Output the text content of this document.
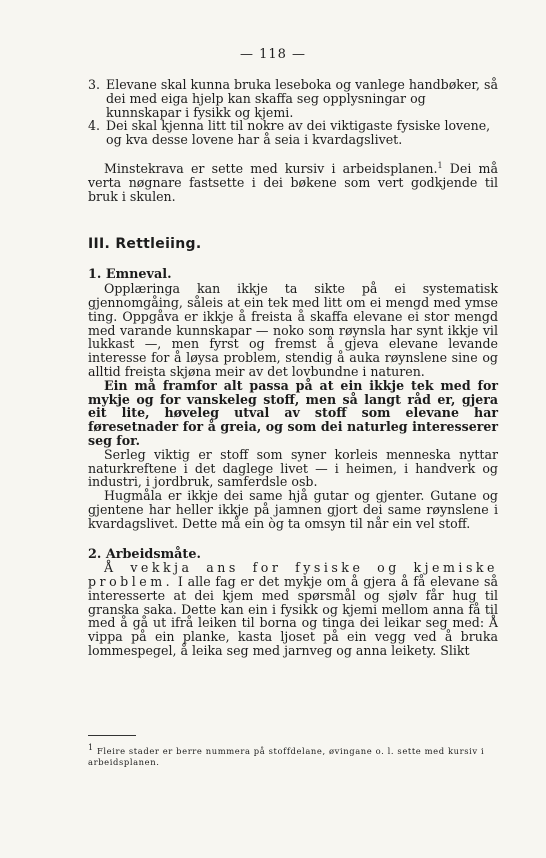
— 118 —
3. Elevane skal kunna bruka leseboka og vanlege handbøker, så dei med eiga hjelp kan skaffa seg opplysningar og kunnskapar i fysikk og kjemi.
4. Dei skal kjenna litt til nokre av dei viktigaste fysiske lovene, og kva desse lovene har å seia i kvardagslivet.

Minstekrava er sette med kursiv i arbeidsplanen.$^1$ Dei må verta nøgnare fastsette i dei bøkene som vert godkjende til bruk i skulen.

III. Rettleiing.
1. Emneval.

Opplæringa kan ikkje ta sikte på ei systematisk gjennomgåing, såleis at ein tek med litt om ei mengd med ymse ting. Oppgåva er ikkje å freista å skaffa elevane ei stor mengd med varande kunnskapar — noko som røynsla har synt ikkje vil lukkast —, men fyrst og fremst å gjeva elevane levande interesse for å løysa problem, stendig å auka røynslene sine og alltid freista skjøna meir av det lovbundne i naturen.

Ein må framfor alt passa på at ein ikkje tek med for mykje og for vanskeleg stoff, men så langt råd er, gjera eit lite, høveleg utval av stoff som elevane har føresetnader for å greia, og som dei naturleg interesserer seg for.

Serleg viktig er stoff som syner korleis menneska nyttar naturkreftene i det daglege livet — i heimen, i handverk og industri, i jordbruk, samferdsle osb.

Hugmåla er ikkje dei same hjå gutar og gjenter. Gutane og gjentene har heller ikkje på jamnen gjort dei same røynslene i kvardagslivet. Dette må ein òg ta omsyn til når ein vel stoff.

2. Arbeidsmåte.

Å vekkja ans for fysiske og kjemiske problem. I alle fag er det mykje om å gjera å få elevane så interesserte at dei kjem med spørsmål og sjølv får hug til granska saka. Dette kan ein i fysikk og kjemi mellom anna få til med å gå ut ifrå leiken til borna og tinga dei leikar seg med: Å vippa på ein planke, kasta ljoset på ein vegg ved å bruka lommespegel, å leika seg med jarnveg og anna leikety. Slikt

$^1$ Fleire stader er berre nummera på stoffdelane, øvingane o. l. sette med kursiv i arbeidsplanen.
